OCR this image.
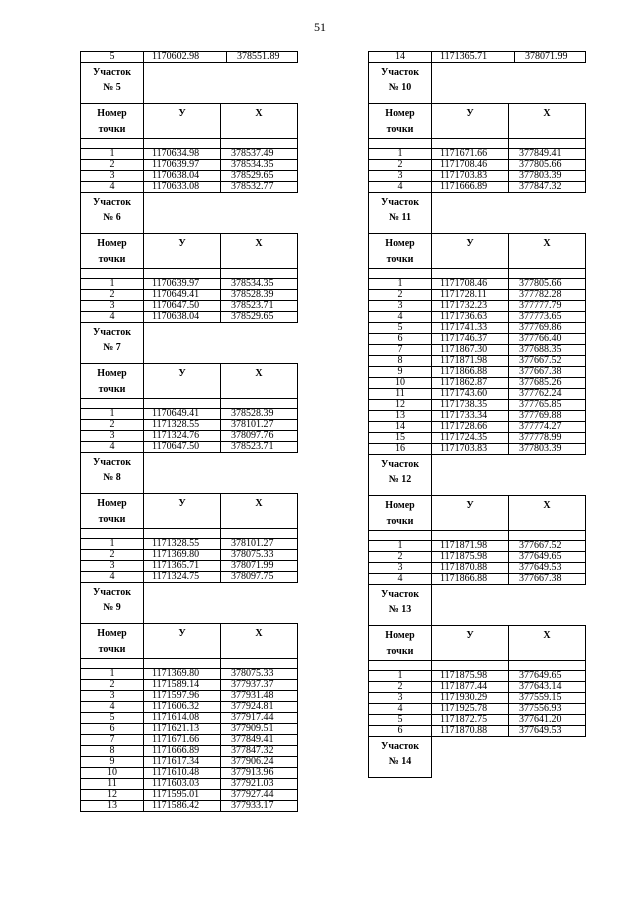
51
5	1170602.98	378551.89
Участок
№ 5		

Номер
точки	У	Х

1	1170634.98	378537.49
2	1170639.97	378534.35
3	1170638.04	378529.65
4	1170633.08	378532.77
Участок
№ 6		

Номер
точки	У	Х

1	1170639.97	378534.35
2	1170649.41	378528.39
3	1170647.50	378523.71
4	1170638.04	378529.65
Участок
№ 7		

Номер
точки	У	Х

1	1170649.41	378528.39
2	1171328.55	378101.27
3	1171324.76	378097.76
4	1170647.50	378523.71
Участок
№ 8		

Номер
точки	У	Х

1	1171328.55	378101.27
2	1171369.80	378075.33
3	1171365.71	378071.99
4	1171324.75	378097.75
Участок
№ 9		

Номер
точки	У	Х

1	1171369.80	378075.33
2	1171589.14	377937.37
3	1171597.96	377931.48
4	1171606.32	377924.81
5	1171614.08	377917.44
6	1171621.13	377909.51
7	1171671.66	377849.41
8	1171666.89	377847.32
9	1171617.34	377906.24
10	1171610.48	377913.96
11	1171603.03	377921.03
12	1171595.01	377927.44
13	1171586.42	377933.17
14	1171365.71	378071.99
Участок
№ 10		

Номер
точки	У	Х

1	1171671.66	377849.41
2	1171708.46	377805.66
3	1171703.83	377803.39
4	1171666.89	377847.32
Участок
№ 11		

Номер
точки	У	Х

1	1171708.46	377805.66
2	1171728.11	377782.28
3	1171732.23	377777.79
4	1171736.63	377773.65
5	1171741.33	377769.86
6	1171746.37	377766.40
7	1171867.30	377688.35
8	1171871.98	377667.52
9	1171866.88	377667.38
10	1171862.87	377685.26
11	1171743.60	377762.24
12	1171738.35	377765.85
13	1171733.34	377769.88
14	1171728.66	377774.27
15	1171724.35	377778.99
16	1171703.83	377803.39
Участок
№ 12		

Номер
точки	У	Х

1	1171871.98	377667.52
2	1171875.98	377649.65
3	1171870.88	377649.53
4	1171866.88	377667.38
Участок
№ 13		

Номер
точки	У	Х

1	1171875.98	377649.65
2	1171877.44	377643.14
3	1171930.29	377559.15
4	1171925.78	377556.93
5	1171872.75	377641.20
6	1171870.88	377649.53
Участок
№ 14
